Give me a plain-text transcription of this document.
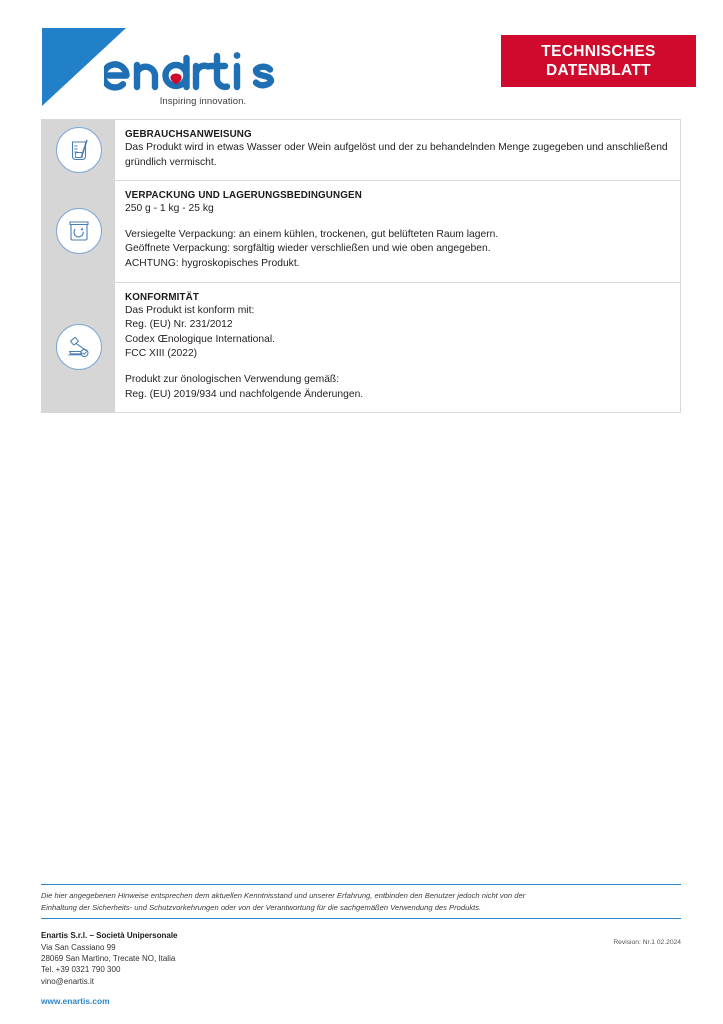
Inspiring innovation.
TECHNISCHES
DATENBLATT
GEBRAUCHSANWEISUNG

Das Produkt wird in etwas Wasser oder Wein aufgelöst und der zu behandelnden Menge zugegeben und anschließend gründlich vermischt.

VERPACKUNG UND LAGERUNGSBEDINGUNGEN

250 g - 1 kg - 25 kg

Versiegelte Verpackung: an einem kühlen, trockenen, gut belüfteten Raum lagern.

Geöffnete Verpackung: sorgfältig wieder verschließen und wie oben angegeben.

ACHTUNG: hygroskopisches Produkt.

KONFORMITÄT

Das Produkt ist konform mit:

Reg. (EU) Nr. 231/2012

Codex Œnologique International.

FCC XIII (2022)

Produkt zur önologischen Verwendung gemäß:

Reg. (EU) 2019/934 und nachfolgende Änderungen.

Die hier angegebenen Hinweise entsprechen dem aktuellen Kenntnisstand und unserer Erfahrung, entbinden den Benutzer jedoch nicht von der

Einhaltung der Sicherheits- und Schutzvorkehrungen oder von der Verantwortung für die sachgemäßen Verwendung des Produkts.

Enartis S.r.l. – Società Unipersonale

Via San Cassiano 99

28069 San Martino, Trecate NO, Italia

Tel. +39 0321 790 300

vino@enartis.it

www.enartis.com

Revision: Nr.1 02.2024
